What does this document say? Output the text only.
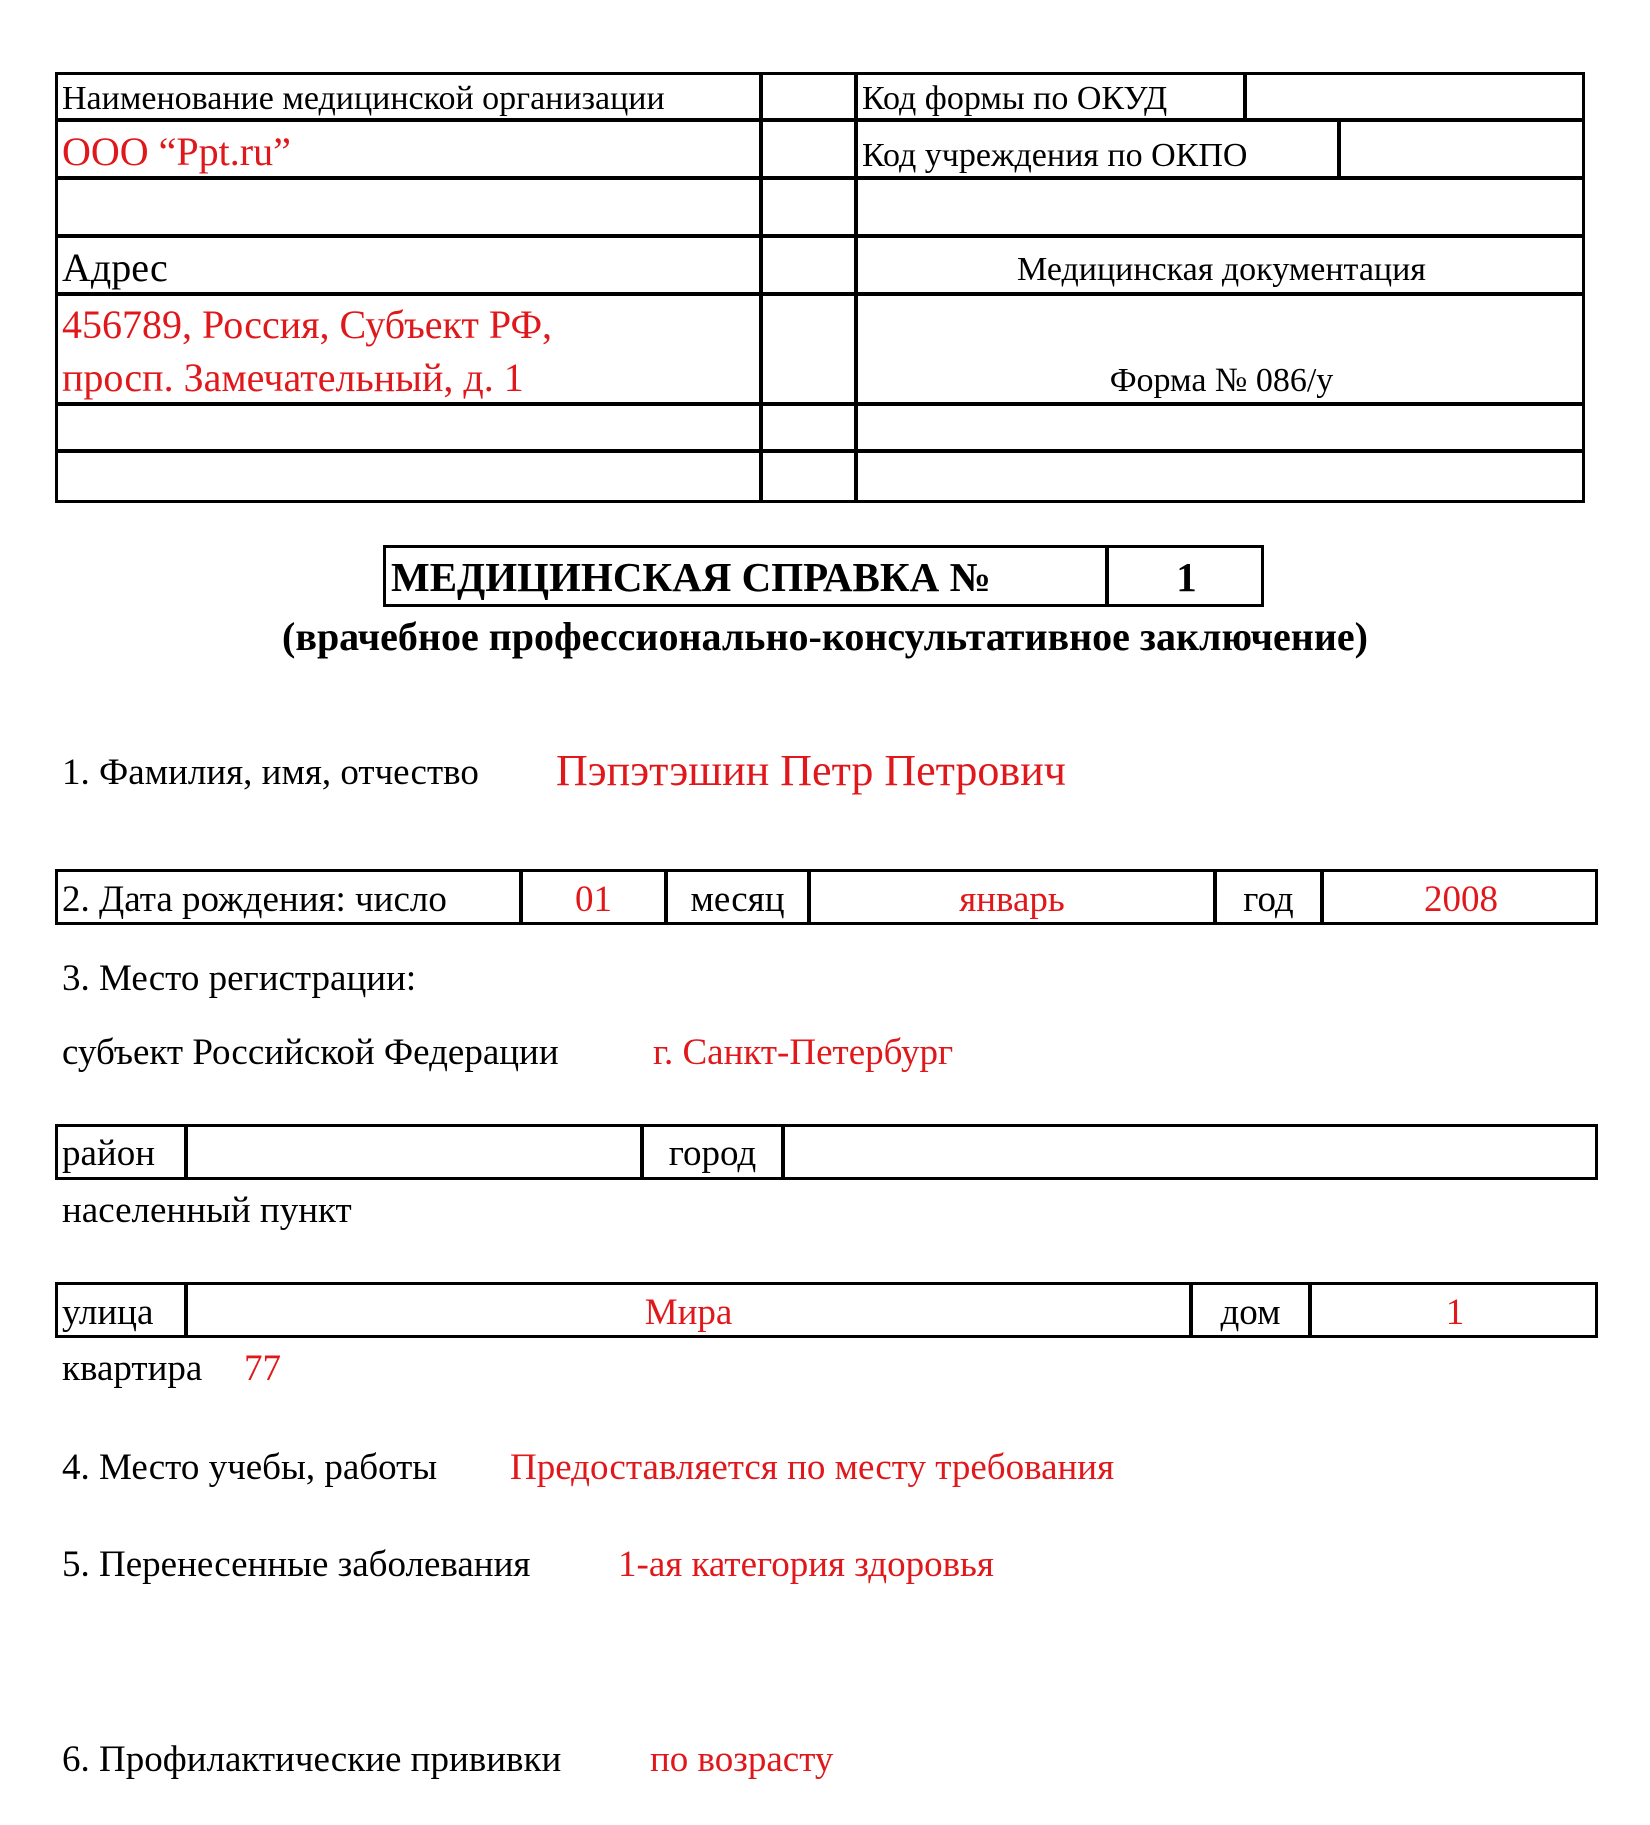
Наименование медицинской организации
ООО “Ppt.ru”
Код формы по ОКУД
Код учреждения по ОКПО
Адрес
456789, Россия, Субъект РФ,
просп. Замечательный, д. 1
Медицинская документация
Форма № 086/у
МЕДИЦИНСКАЯ СПРАВКА №	1
(врачебное профессионально-консультативное заключение)
1. Фамилия, имя, отчество Пэпэтэшин Петр Петрович
2. Дата рождения: число	01	месяц	январь	год	2008
3. Место регистрации:
субъект Российской Федерации	г. Санкт-Петербург
район	город
населенный пункт
улица	Мира	дом	1
квартира 77
4. Место учебы, работы Предоставляется по месту требования
5. Перенесенные заболевания 1-ая категория здоровья
6. Профилактические прививки по возрасту
